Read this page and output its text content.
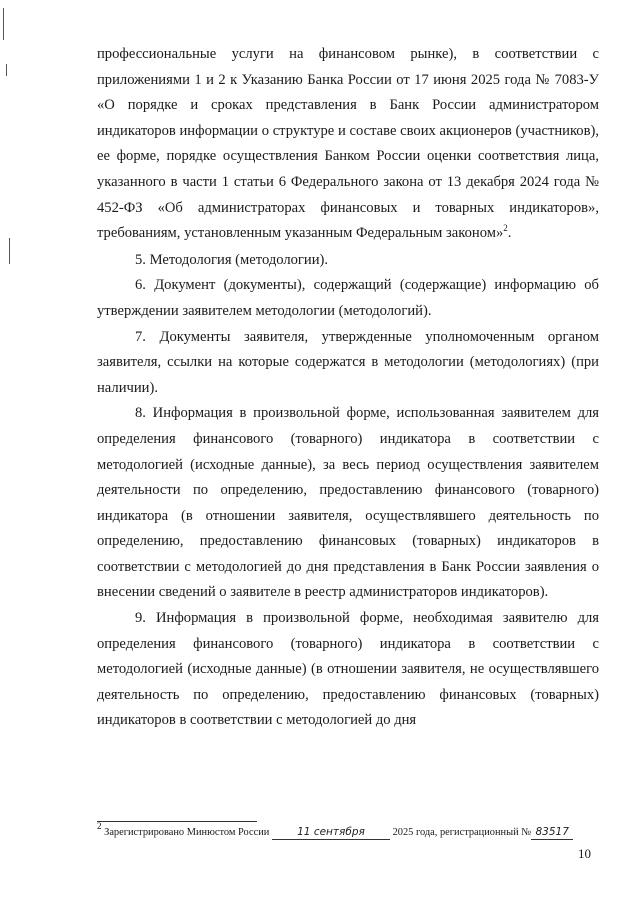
профессиональные услуги на финансовом рынке), в соответствии с приложениями 1 и 2 к Указанию Банка России от 17 июня 2025 года № 7083-У «О порядке и сроках представления в Банк России администратором индикаторов информации о структуре и составе своих акционеров (участников), ее форме, порядке осуществления Банком России оценки соответствия лица, указанного в части 1 статьи 6 Федерального закона от 13 декабря 2024 года № 452-ФЗ «Об администраторах финансовых и товарных индикаторов», требованиям, установленным указанным Федеральным законом»$^2$.

5. Методология (методологии).

6. Документ (документы), содержащий (содержащие) информацию об утверждении заявителем методологии (методологий).

7. Документы заявителя, утвержденные уполномоченным органом заявителя, ссылки на которые содержатся в методологии (методологиях) (при наличии).

8. Информация в произвольной форме, использованная заявителем для определения финансового (товарного) индикатора в соответствии с методологией (исходные данные), за весь период осуществления заявителем деятельности по определению, предоставлению финансового (товарного) индикатора (в отношении заявителя, осуществлявшего деятельность по определению, предоставлению финансовых (товарных) индикаторов в соответствии с методологией до дня представления в Банк России заявления о внесении сведений о заявителе в реестр администраторов индикаторов).

9. Информация в произвольной форме, необходимая заявителю для определения финансового (товарного) индикатора в соответствии с методологией (исходные данные) (в отношении заявителя, не осуществлявшего деятельность по определению, предоставлению финансовых (товарных) индикаторов в соответствии с методологией до дня

$^2$ Зарегистрировано Минюстом России	11 сентября	2025 года, регистрационный № 83517
10
